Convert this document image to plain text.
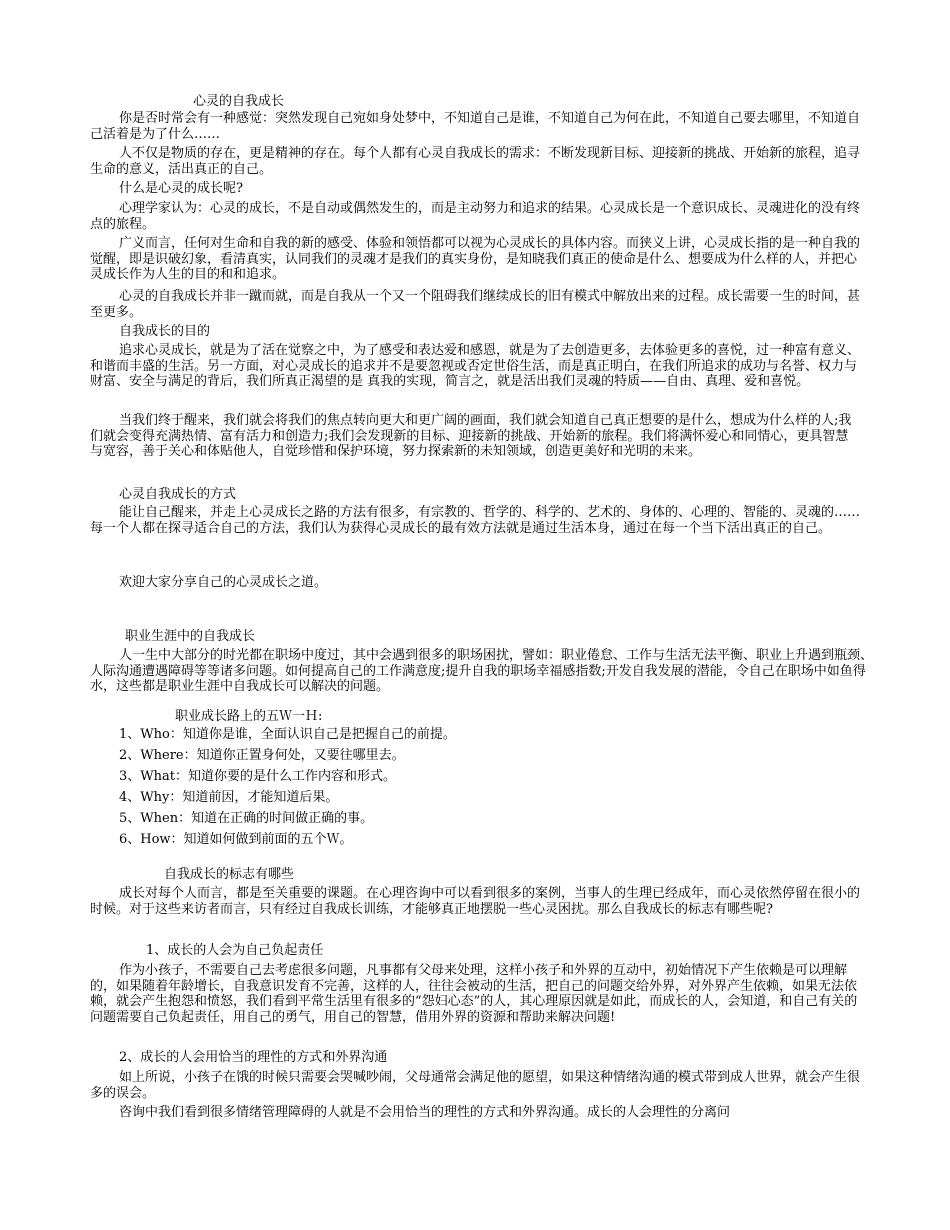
心灵的自我成长

你是否时常会有一种感觉：突然发现自己宛如身处梦中，不知道自己是谁，不知道自己为何在此，不知道自己要去哪里，不知道自己活着是为了什么……

人不仅是物质的存在，更是精神的存在。每个人都有心灵自我成长的需求：不断发现新目标、迎接新的挑战、开始新的旅程，追寻生命的意义，活出真正的自己。

什么是心灵的成长呢?

心理学家认为：心灵的成长，不是自动或偶然发生的，而是主动努力和追求的结果。心灵成长是一个意识成长、灵魂进化的没有终点的旅程。

广义而言，任何对生命和自我的新的感受、体验和领悟都可以视为心灵成长的具体内容。而狭义上讲，心灵成长指的是一种自我的觉醒，即是识破幻象，看清真实，认同我们的灵魂才是我们的真实身份，是知晓我们真正的使命是什么、想要成为什么样的人，并把心灵成长作为人生的目的和和追求。

心灵的自我成长并非一蹴而就，而是自我从一个又一个阻碍我们继续成长的旧有模式中解放出来的过程。成长需要一生的时间，甚至更多。

自我成长的目的

追求心灵成长，就是为了活在觉察之中，为了感受和表达爱和感恩，就是为了去创造更多，去体验更多的喜悦，过一种富有意义、和谐而丰盛的生活。另一方面，对心灵成长的追求并不是要忽视或否定世俗生活，而是真正明白，在我们所追求的成功与名誉、权力与财富、安全与满足的背后，我们所真正渴望的是 真我的实现，简言之，就是活出我们灵魂的特质——自由、真理、爱和喜悦。

当我们终于醒来，我们就会将我们的焦点转向更大和更广阔的画面，我们就会知道自己真正想要的是什么，想成为什么样的人;我们就会变得充满热情、富有活力和创造力;我们会发现新的目标、迎接新的挑战、开始新的旅程。我们将满怀爱心和同情心，更具智慧与宽容，善于关心和体贴他人，自觉珍惜和保护环境，努力探索新的未知领域，创造更美好和光明的未来。

心灵自我成长的方式

能让自己醒来，并走上心灵成长之路的方法有很多，有宗教的、哲学的、科学的、艺术的、身体的、心理的、智能的、灵魂的……每一个人都在探寻适合自己的方法，我们认为获得心灵成长的最有效方法就是通过生活本身，通过在每一个当下活出真正的自己。

欢迎大家分享自己的心灵成长之道。

职业生涯中的自我成长

人一生中大部分的时光都在职场中度过，其中会遇到很多的职场困扰，譬如：职业倦怠、工作与生活无法平衡、职业上升遇到瓶颈、人际沟通遭遇障碍等等诸多问题。如何提高自己的工作满意度;提升自我的职场幸福感指数;开发自我发展的潜能，令自己在职场中如鱼得水，这些都是职业生涯中自我成长可以解决的问题。

职业成长路上的五Ｗ一Ｈ:

1、Who：知道你是谁，全面认识自己是把握自己的前提。

2、Where：知道你正置身何处，又要往哪里去。

3、What：知道你要的是什么工作内容和形式。

4、Why：知道前因，才能知道后果。

5、When：知道在正确的时间做正确的事。

6、How：知道如何做到前面的五个Ｗ。

自我成长的标志有哪些

成长对每个人而言，都是至关重要的课题。在心理咨询中可以看到很多的案例，当事人的生理已经成年，而心灵依然停留在很小的时候。对于这些来访者而言，只有经过自我成长训练，才能够真正地摆脱一些心灵困扰。那么自我成长的标志有哪些呢?

1、成长的人会为自己负起责任

作为小孩子，不需要自己去考虑很多问题，凡事都有父母来处理，这样小孩子和外界的互动中，初始情况下产生依赖是可以理解的，如果随着年龄增长，自我意识发育不完善，这样的人，往往会被动的生活，把自己的问题交给外界，对外界产生依赖，如果无法依赖，就会产生抱怨和愤怒，我们看到平常生活里有很多的“怨妇心态”的人，其心理原因就是如此，而成长的人，会知道，和自己有关的问题需要自己负起责任，用自己的勇气，用自己的智慧，借用外界的资源和帮助来解决问题!

2、成长的人会用恰当的理性的方式和外界沟通

如上所说，小孩子在饿的时候只需要会哭喊吵闹，父母通常会满足他的愿望，如果这种情绪沟通的模式带到成人世界，就会产生很多的误会。

咨询中我们看到很多情绪管理障碍的人就是不会用恰当的理性的方式和外界沟通。成长的人会理性的分离问
